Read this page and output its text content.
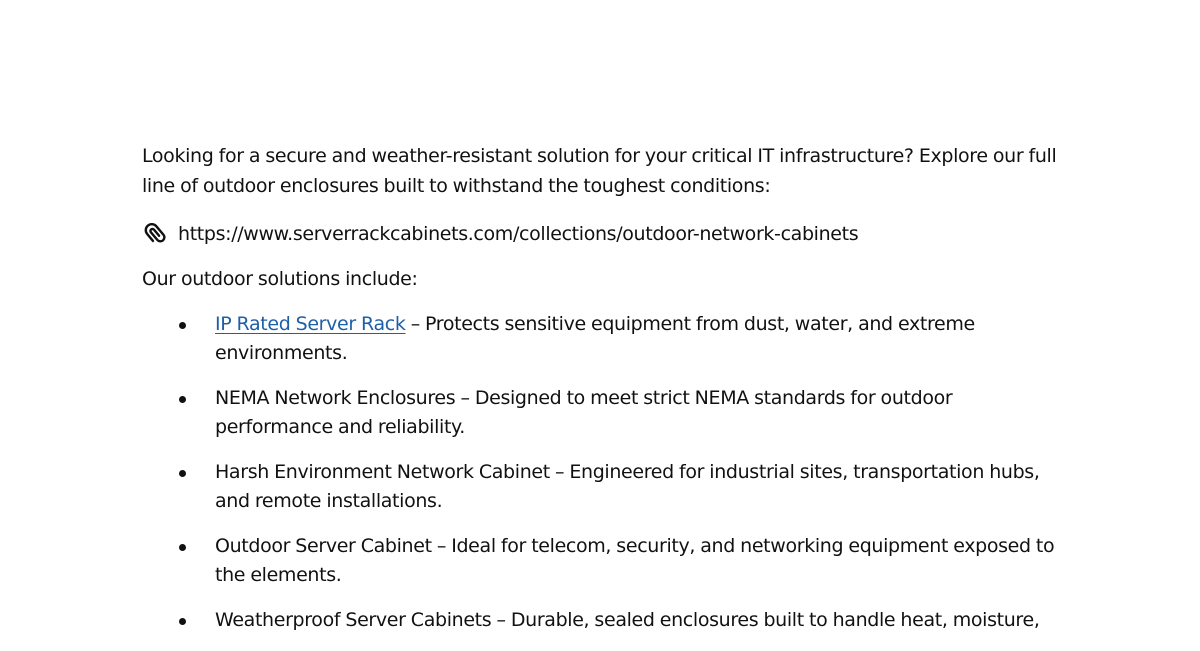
Looking for a secure and weather-resistant solution for your critical IT infrastructure? Explore our full line of outdoor enclosures built to withstand the toughest conditions:

https://www.serverrackcabinets.com/collections/outdoor-network-cabinets

Our outdoor solutions include:

IP Rated Server Rack – Protects sensitive equipment from dust, water, and extreme environments.
NEMA Network Enclosures – Designed to meet strict NEMA standards for outdoor performance and reliability.
Harsh Environment Network Cabinet – Engineered for industrial sites, transportation hubs, and remote installations.
Outdoor Server Cabinet – Ideal for telecom, security, and networking equipment exposed to the elements.
Weatherproof Server Cabinets – Durable, sealed enclosures built to handle heat, moisture,
